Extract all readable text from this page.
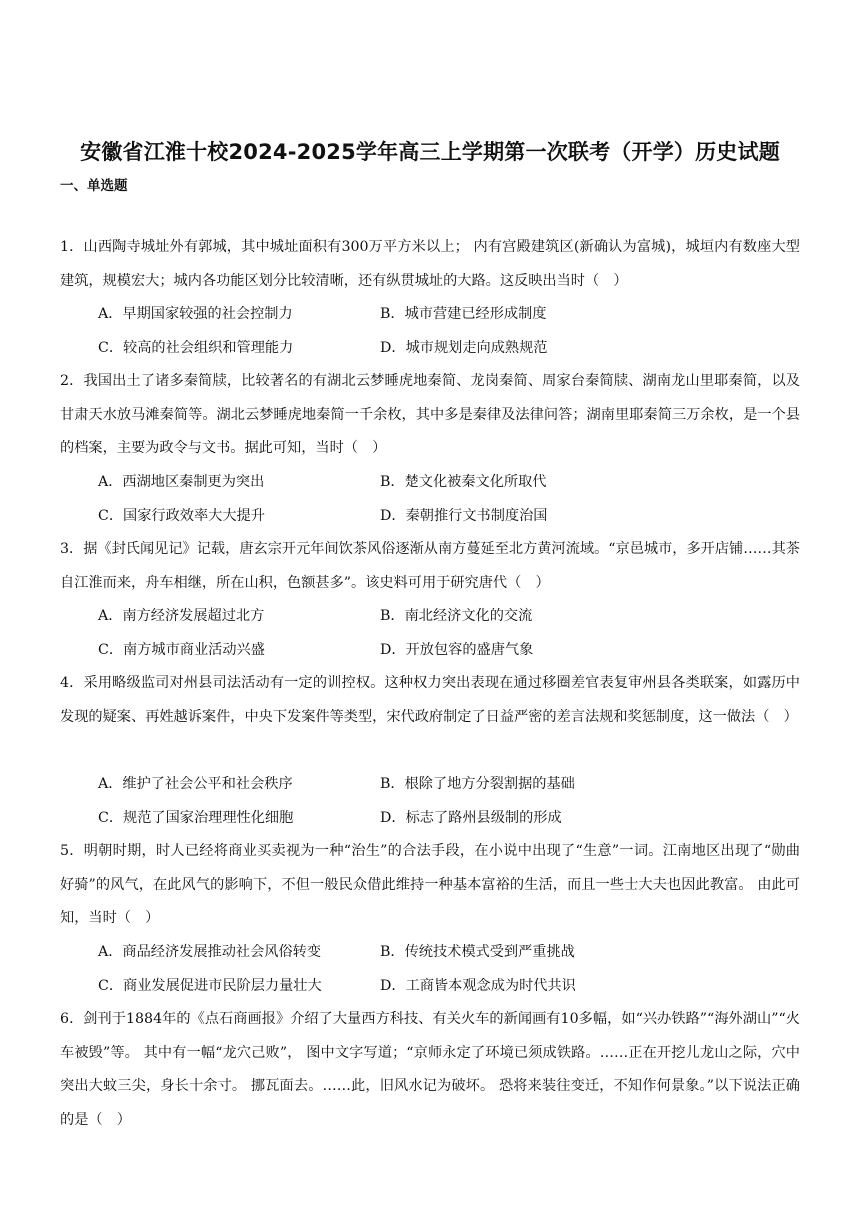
安徽省江淮十校2024-2025学年高三上学期第一次联考（开学）历史试题
一、单选题

1．山西陶寺城址外有郭城，其中城址面积有300万平方米以上； 内有宫殿建筑区(新确认为富城)，城垣内有数座大型建筑，规模宏大；城内各功能区划分比较清晰，还有纵贯城址的大路。这反映出当时（　）

A．早期国家较强的社会控制力	B．城市营建已经形成制度
C．较高的社会组织和管理能力	D．城市规划走向成熟规范

2．我国出土了诸多秦简牍，比较著名的有湖北云梦睡虎地秦简、龙岗秦简、周家台秦简牍、湖南龙山里耶秦简，以及甘肃天水放马滩秦简等。湖北云梦睡虎地秦简一千余枚，其中多是秦律及法律问答；湖南里耶秦简三万余枚，是一个县的档案，主要为政令与文书。据此可知，当时（　）

A．西湖地区秦制更为突出	B．楚文化被秦文化所取代
C．国家行政效率大大提升	D．秦朝推行文书制度治国

3．据《封氏闻见记》记载，唐玄宗开元年间饮茶风俗逐渐从南方蔓延至北方黄河流域。“京邑城市，多开店铺……其茶自江淮而来，舟车相继，所在山积，色额甚多”。该史料可用于研究唐代（　）

A．南方经济发展超过北方	B．南北经济文化的交流
C．南方城市商业活动兴盛	D．开放包容的盛唐气象

4．采用略级监司对州县司法活动有一定的训控权。这种权力突出表现在通过移圈差官表复审州县各类联案，如露历中发现的疑案、再姓越诉案件，中央下发案件等类型，宋代政府制定了日益严密的差言法规和奖惩制度，这一做法（　）

A．维护了社会公平和社会秩序	B．根除了地方分裂割据的基础
C．规范了国家治理理性化细胞	D．标志了路州县级制的形成

5．明朝时期，时人已经将商业买卖视为一种“治生”的合法手段，在小说中出现了“生意”一词。江南地区出现了“勋曲好骑”的风气，在此风气的影响下，不但一般民众借此维持一种基本富裕的生活，而且一些士大夫也因此教富。 由此可知，当时（　）

A．商品经济发展推动社会风俗转变	B．传统技术模式受到严重挑战
C．商业发展促进市民阶层力量壮大	D．工商皆本观念成为时代共识

6．剑刊于1884年的《点石商画报》介绍了大量西方科技、有关火车的新闻画有10多幅，如“兴办铁路”“海外湖山”“火车被毁”等。 其中有一幅“龙穴己败”， 图中文字写道；“京师永定了环境已须成铁路。……正在开挖儿龙山之际，穴中突出大蚊三尖，身长十余寸。 挪瓦面去。……此，旧风水记为破坏。 恐将来装往变迁，不知作何景象。”以下说法正确的是（　）
